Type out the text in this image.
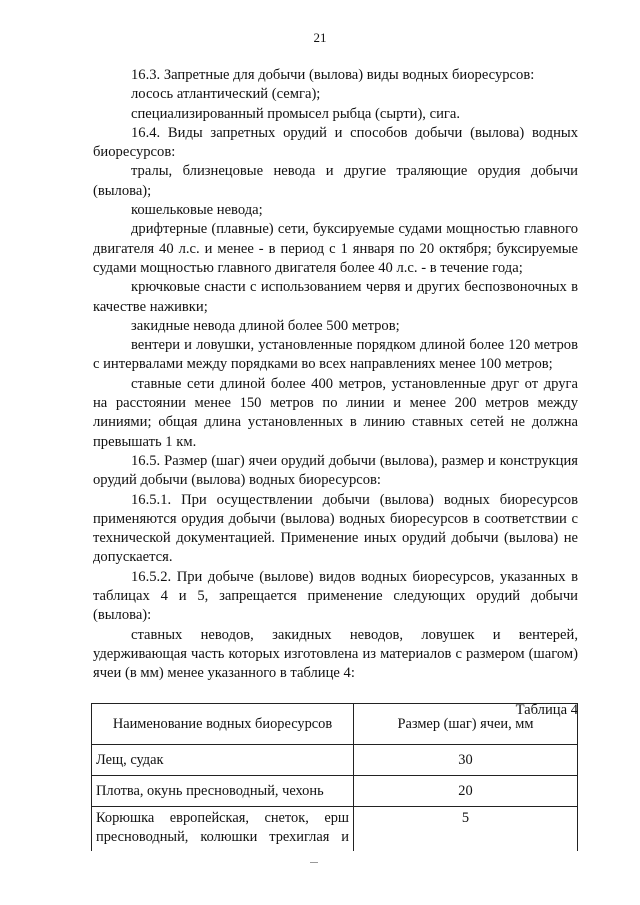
21

16.3. Запретные для добычи (вылова) виды водных биоресурсов:

лосось атлантический (семга);

специализированный промысел рыбца (сырти), сига.

16.4. Виды запретных орудий и способов добычи (вылова) водных биоресурсов:

тралы, близнецовые невода и другие траляющие орудия добычи (вылова);

кошельковые невода;

дрифтерные (плавные) сети, буксируемые судами мощностью главного двигателя 40 л.с. и менее - в период с 1 января по 20 октября; буксируемые судами мощностью главного двигателя более 40 л.с. - в течение года;

крючковые снасти с использованием червя и других беспозвоночных в качестве наживки;

закидные невода длиной более 500 метров;

вентери и ловушки, установленные порядком длиной более 120 метров с интервалами между порядками во всех направлениях менее 100 метров;

ставные сети длиной более 400 метров, установленные друг от друга на расстоянии менее 150 метров по линии и менее 200 метров между линиями; общая длина установленных в линию ставных сетей не должна превышать 1 км.

16.5. Размер (шаг) ячеи орудий добычи (вылова), размер и конструкция орудий добычи (вылова) водных биоресурсов:

16.5.1. При осуществлении добычи (вылова) водных биоресурсов применяются орудия добычи (вылова) водных биоресурсов в соответствии с технической документацией. Применение иных орудий добычи (вылова) не допускается.

16.5.2. При добыче (вылове) видов водных биоресурсов, указанных в таблицах 4 и 5, запрещается применение следующих орудий добычи (вылова):

ставных неводов, закидных неводов, ловушек и вентерей, удерживающая часть которых изготовлена из материалов с размером (шагом) ячеи (в мм) менее указанного в таблице 4:

Таблица 4

Наименование водных биоресурсов	Размер (шаг) ячеи, мм
Лещ, судак	30
Плотва, окунь пресноводный, чехонь	20
Корюшка европейская, снеток, ерш пресноводный, колюшки трехиглая и	5
